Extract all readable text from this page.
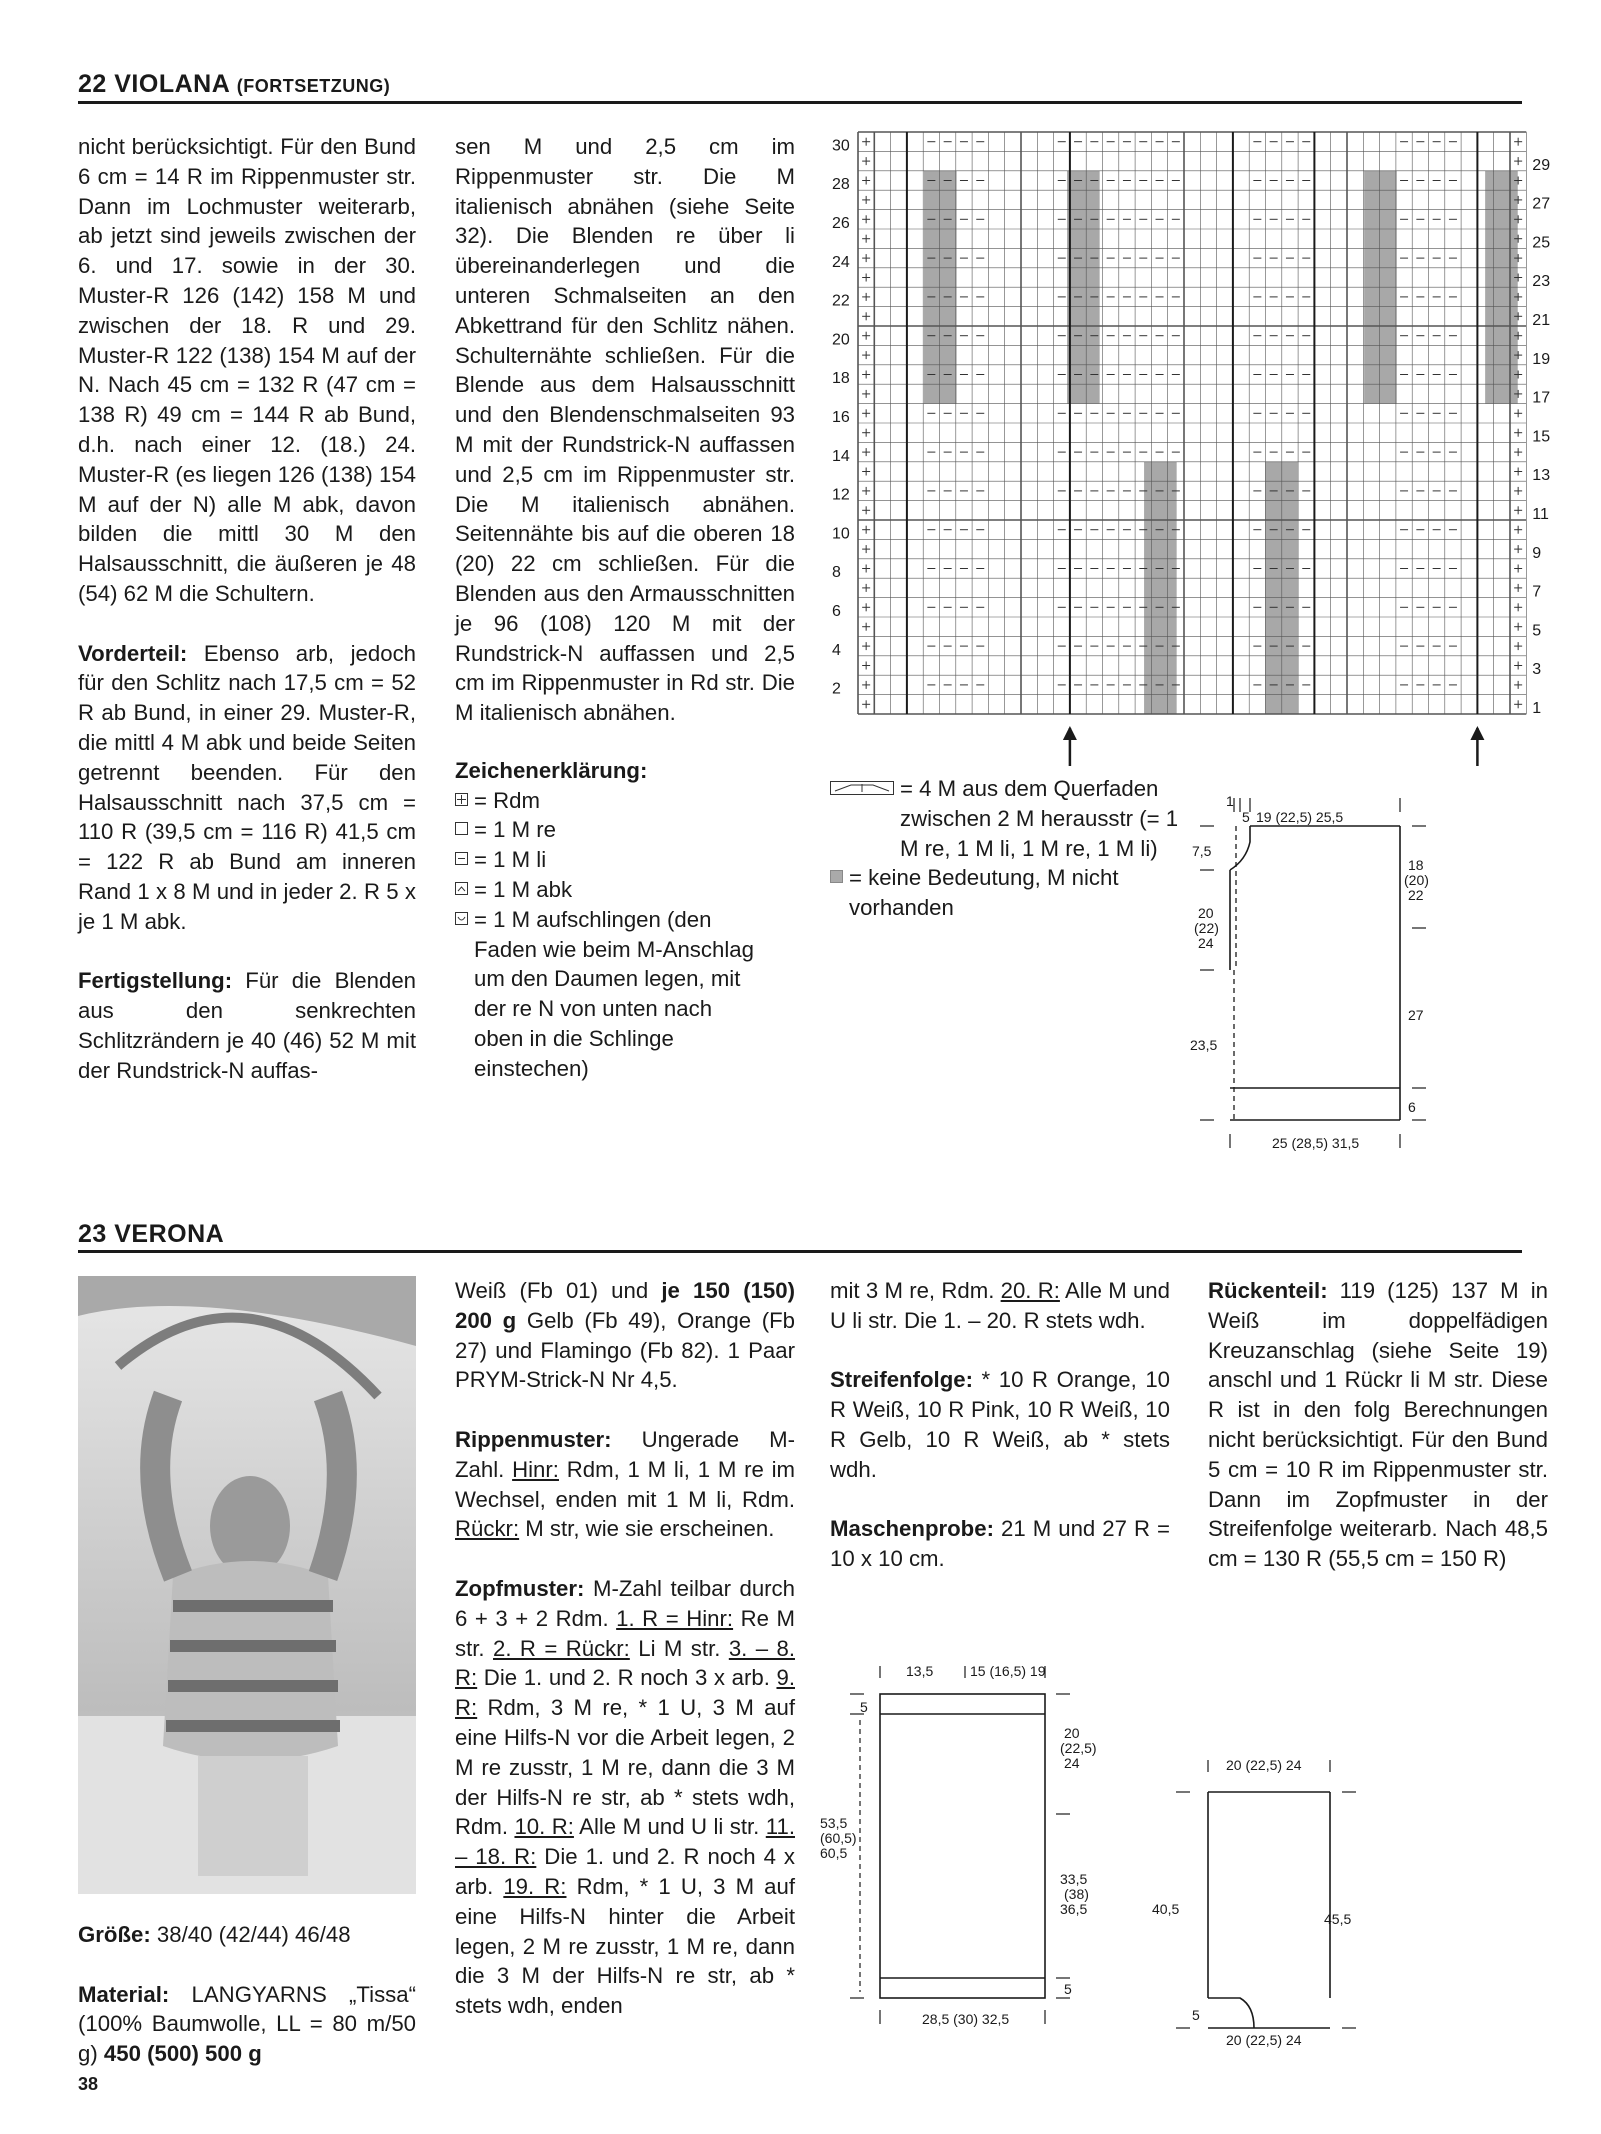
22 VIOLANA (FORTSETZUNG)

nicht berücksichtigt. Für den Bund 6 cm = 14 R im Rippenmuster str. Dann im Lochmuster weiterarb, ab jetzt sind jeweils zwischen der 6. und 17. sowie in der 30. Muster-R 126 (142) 158 M und zwischen der 18. R und 29. Muster-R 122 (138) 154 M auf der N. Nach 45 cm = 132 R (47 cm = 138 R) 49 cm = 144 R ab Bund, d.h. nach einer 12. (18.) 24. Muster-R (es liegen 126 (138) 154 M auf der N) alle M abk, davon bilden die mittl 30 M den Halsausschnitt, die äußeren je 48 (54) 62 M die Schultern.

Vorderteil: Ebenso arb, jedoch für den Schlitz nach 17,5 cm = 52 R ab Bund, in einer 29. Muster-R, die mittl 4 M abk und beide Seiten getrennt beenden. Für den Halsausschnitt nach 37,5 cm = 110 R (39,5 cm = 116 R) 41,5 cm = 122 R ab Bund am inneren Rand 1 x 8 M und in jeder 2. R 5 x je 1 M abk.

Fertigstellung: Für die Blenden aus den senkrechten Schlitzrändern je 40 (46) 52 M mit der Rundstrick-N auffas-

sen M und 2,5 cm im Rippenmuster str. Die M italienisch abnähen (siehe Seite 32). Die Blenden re über li übereinanderlegen und die unteren Schmalseiten an den Abkettrand für den Schlitz nähen. Schulternähte schließen. Für die Blende aus dem Halsausschnitt und den Blendenschmalseiten 93 M mit der Rundstrick-N auffassen und 2,5 cm im Rippenmuster str. Die M italienisch abnähen. Seitennähte bis auf die oberen 18 (20) 22 cm schließen. Für die Blenden aus den Armausschnitten je 96 (108) 120 M mit der Rundstrick-N auffassen und 2,5 cm im Rippenmuster in Rd str. Die M italienisch abnähen.

Zeichenerklärung:
= Rdm
= 1 M re
= 1 M li
= 1 M abk
= 1 M aufschlingen (den Faden wie beim M-Anschlag um den Daumen legen, mit der re N von unten nach oben in die Schlinge einstechen)
30
28
26
24
22
20
18
16
14
12
10
8
6
4
2
29
27
25
23
21
19
17
15
13
11
9
7
5
3
1
= 4 M aus dem Querfaden zwischen 2 M herausstr (= 1 M re, 1 M li, 1 M re, 1 M li)
= keine Bedeutung, M nicht vorhanden
1
5 19 (22,5) 25,5
7,5
20
(22)
24
23,5
18
(20)
22
27
6
25 (28,5) 31,5
23 VERONA

Größe: 38/40 (42/44) 46/48

Material: LANGYARNS „Tissa“ (100% Baumwolle, LL = 80 m/50 g) 450 (500) 500 g

Weiß (Fb 01) und je 150 (150) 200 g Gelb (Fb 49), Orange (Fb 27) und Flamingo (Fb 82). 1 Paar PRYM-Strick-N Nr 4,5.

Rippenmuster: Ungerade M-Zahl. Hinr: Rdm, 1 M li, 1 M re im Wechsel, enden mit 1 M li, Rdm. Rückr: M str, wie sie erscheinen.

Zopfmuster: M-Zahl teilbar durch 6 + 3 + 2 Rdm. 1. R = Hinr: Re M str. 2. R = Rückr: Li M str. 3. – 8. R: Die 1. und 2. R noch 3 x arb. 9. R: Rdm, 3 M re, * 1 U, 3 M auf eine Hilfs-N vor die Arbeit legen, 2 M re zusstr, 1 M re, dann die 3 M der Hilfs-N re str, ab * stets wdh, Rdm. 10. R: Alle M und U li str. 11. – 18. R: Die 1. und 2. R noch 4 x arb. 19. R: Rdm, * 1 U, 3 M auf eine Hilfs-N hinter die Arbeit legen, 2 M re zusstr, 1 M re, dann die 3 M der Hilfs-N re str, ab * stets wdh, enden

mit 3 M re, Rdm. 20. R: Alle M und U li str. Die 1. – 20. R stets wdh.

Streifenfolge: * 10 R Orange, 10 R Weiß, 10 R Pink, 10 R Weiß, 10 R Gelb, 10 R Weiß, ab * stets wdh.

Maschenprobe: 21 M und 27 R = 10 x 10 cm.

Rückenteil: 119 (125) 137 M in Weiß im doppelfädigen Kreuzanschlag (siehe Seite 19) anschl und 1 Rückr li M str. Diese R ist in den folg Berechnungen nicht berücksichtigt. Für den Bund 5 cm = 10 R im Rippenmuster str. Dann im Zopfmuster in der Streifenfolge weiterarb. Nach 48,5 cm = 130 R (55,5 cm = 150 R)

13,5	15 (16,5) 19
5
53,5
(60,5)
60,5
20
(22,5)
24
33,5
(38)
36,5
5
28,5 (30) 32,5
20 (22,5) 24
40,5
45,5
5
20 (22,5) 24
38
